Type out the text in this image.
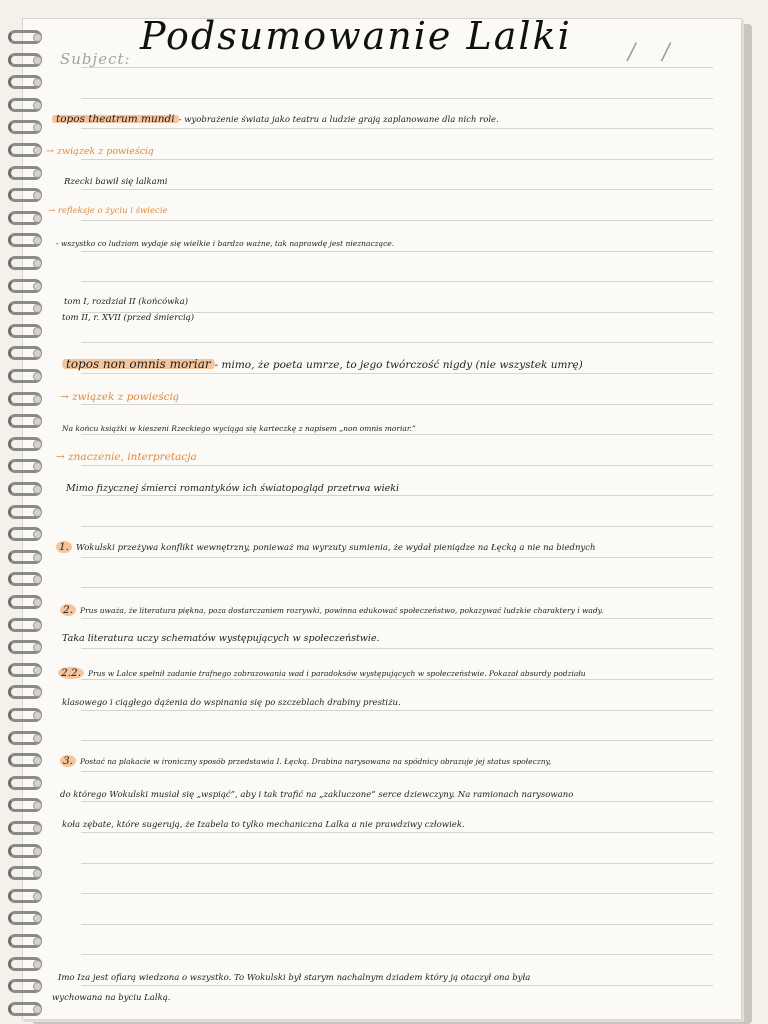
Subject:
Podsumowanie Lalki	/ /
topos theatrum mundi - wyobrażenie świata jako teatru a ludzie grają zaplanowane dla nich role.
→ związek z powieścią
Rzecki bawił się lalkami
→ refleksje o życiu i świecie
- wszystko co ludziom wydaje się wielkie i bardzo ważne, tak naprawdę jest nieznaczące.
tom I, rozdział II (końcówka)
tom II, r. XVII (przed śmiercią)
topos non omnis moriar - mimo, że poeta umrze, to jego twórczość nigdy (nie wszystek umrę)
→ związek z powieścią
Na końcu książki w kieszeni Rzeckiego wyciąga się karteczkę z napisem „non omnis moriar.”
→ znaczenie, interpretacja
Mimo fizycznej śmierci romantyków ich światopogląd przetrwa wieki
1. Wokulski przeżywa konflikt wewnętrzny, ponieważ ma wyrzuty sumienia, że wydał pieniądze na Łęcką a nie na biednych
2. Prus uważa, że literatura piękna, poza dostarczaniem rozrywki, powinna edukować społeczeństwo, pokazywać ludzkie charaktery i wady.
Taka literatura uczy schematów występujących w społeczeństwie.
2.2. Prus w Lalce spełnił zadanie trafnego zobrazowania wad i paradoksów występujących w społeczeństwie. Pokazał absurdy podziału
klasowego i ciągłego dążenia do wspinania się po szczeblach drabiny prestiżu.
3. Postać na plakacie w ironiczny sposób przedstawia I. Łęcką. Drabina narysowana na spódnicy obrazuje jej status społeczny,
do którego Wokulski musiał się „wspiąć”, aby i tak trafić na „zakluczone” serce dziewczyny. Na ramionach narysowano
koła zębate, które sugerują, że Izabela to tylko mechaniczna Lalka a nie prawdziwy człowiek.
Imo Iza jest ofiarą wiedzona o wszystko. To Wokulski był starym nachalnym dziadem który ją otaczył ona była
wychowana na byciu Lalką.
